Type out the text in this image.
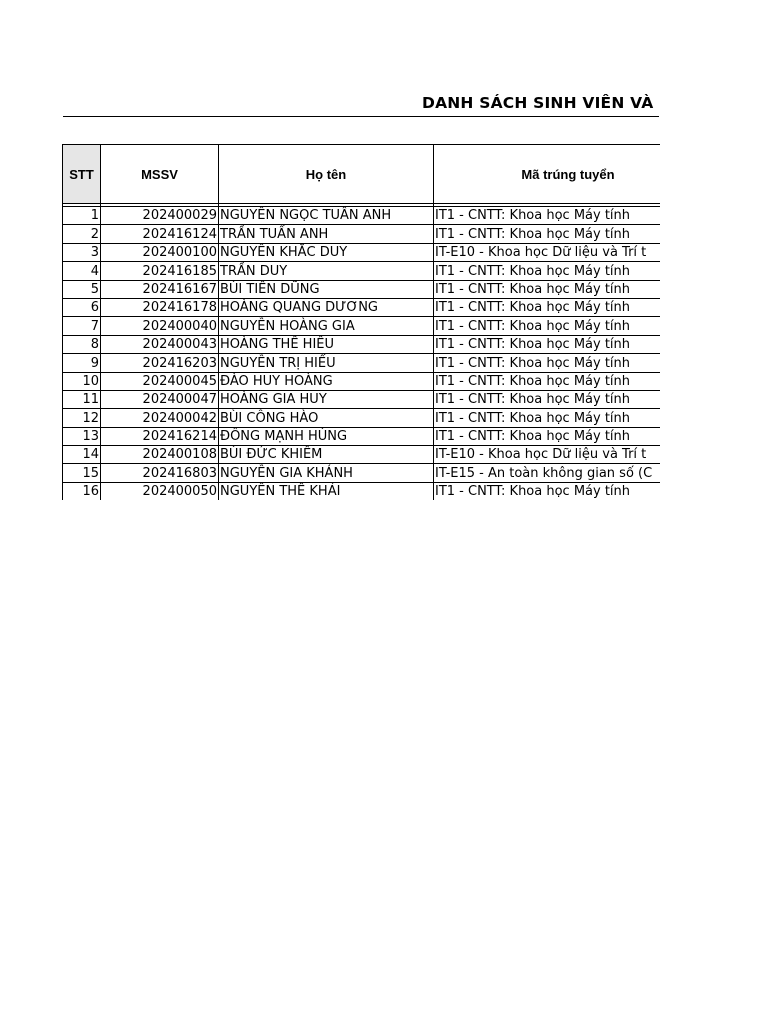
DANH SÁCH SINH VIÊN VÀ
STT	MSSV	Họ tên	Mã trúng tuyển

1	202400029	NGUYỄN NGỌC TUẤN ANH	IT1 - CNTT: Khoa học Máy tính
2	202416124	TRẦN TUẤN ANH	IT1 - CNTT: Khoa học Máy tính
3	202400100	NGUYỄN KHẮC DUY	IT-E10 - Khoa học Dữ liệu và Trí t
4	202416185	TRẦN DUY	IT1 - CNTT: Khoa học Máy tính
5	202416167	BÙI TIẾN DŨNG	IT1 - CNTT: Khoa học Máy tính
6	202416178	HOÀNG QUANG DƯƠNG	IT1 - CNTT: Khoa học Máy tính
7	202400040	NGUYỄN HOÀNG GIA	IT1 - CNTT: Khoa học Máy tính
8	202400043	HOÀNG THẾ HIẾU	IT1 - CNTT: Khoa học Máy tính
9	202416203	NGUYỄN TRỊ HIẾU	IT1 - CNTT: Khoa học Máy tính
10	202400045	ĐÀO HUY HOÀNG	IT1 - CNTT: Khoa học Máy tính
11	202400047	HOÀNG GIA HUY	IT1 - CNTT: Khoa học Máy tính
12	202400042	BÙI CÔNG HÀO	IT1 - CNTT: Khoa học Máy tính
13	202416214	ĐỒNG MẠNH HÙNG	IT1 - CNTT: Khoa học Máy tính
14	202400108	BÙI ĐỨC KHIÊM	IT-E10 - Khoa học Dữ liệu và Trí t
15	202416803	NGUYỄN GIA KHÁNH	IT-E15 - An toàn không gian số (C
16	202400050	NGUYỄN THẾ KHẢI	IT1 - CNTT: Khoa học Máy tính
